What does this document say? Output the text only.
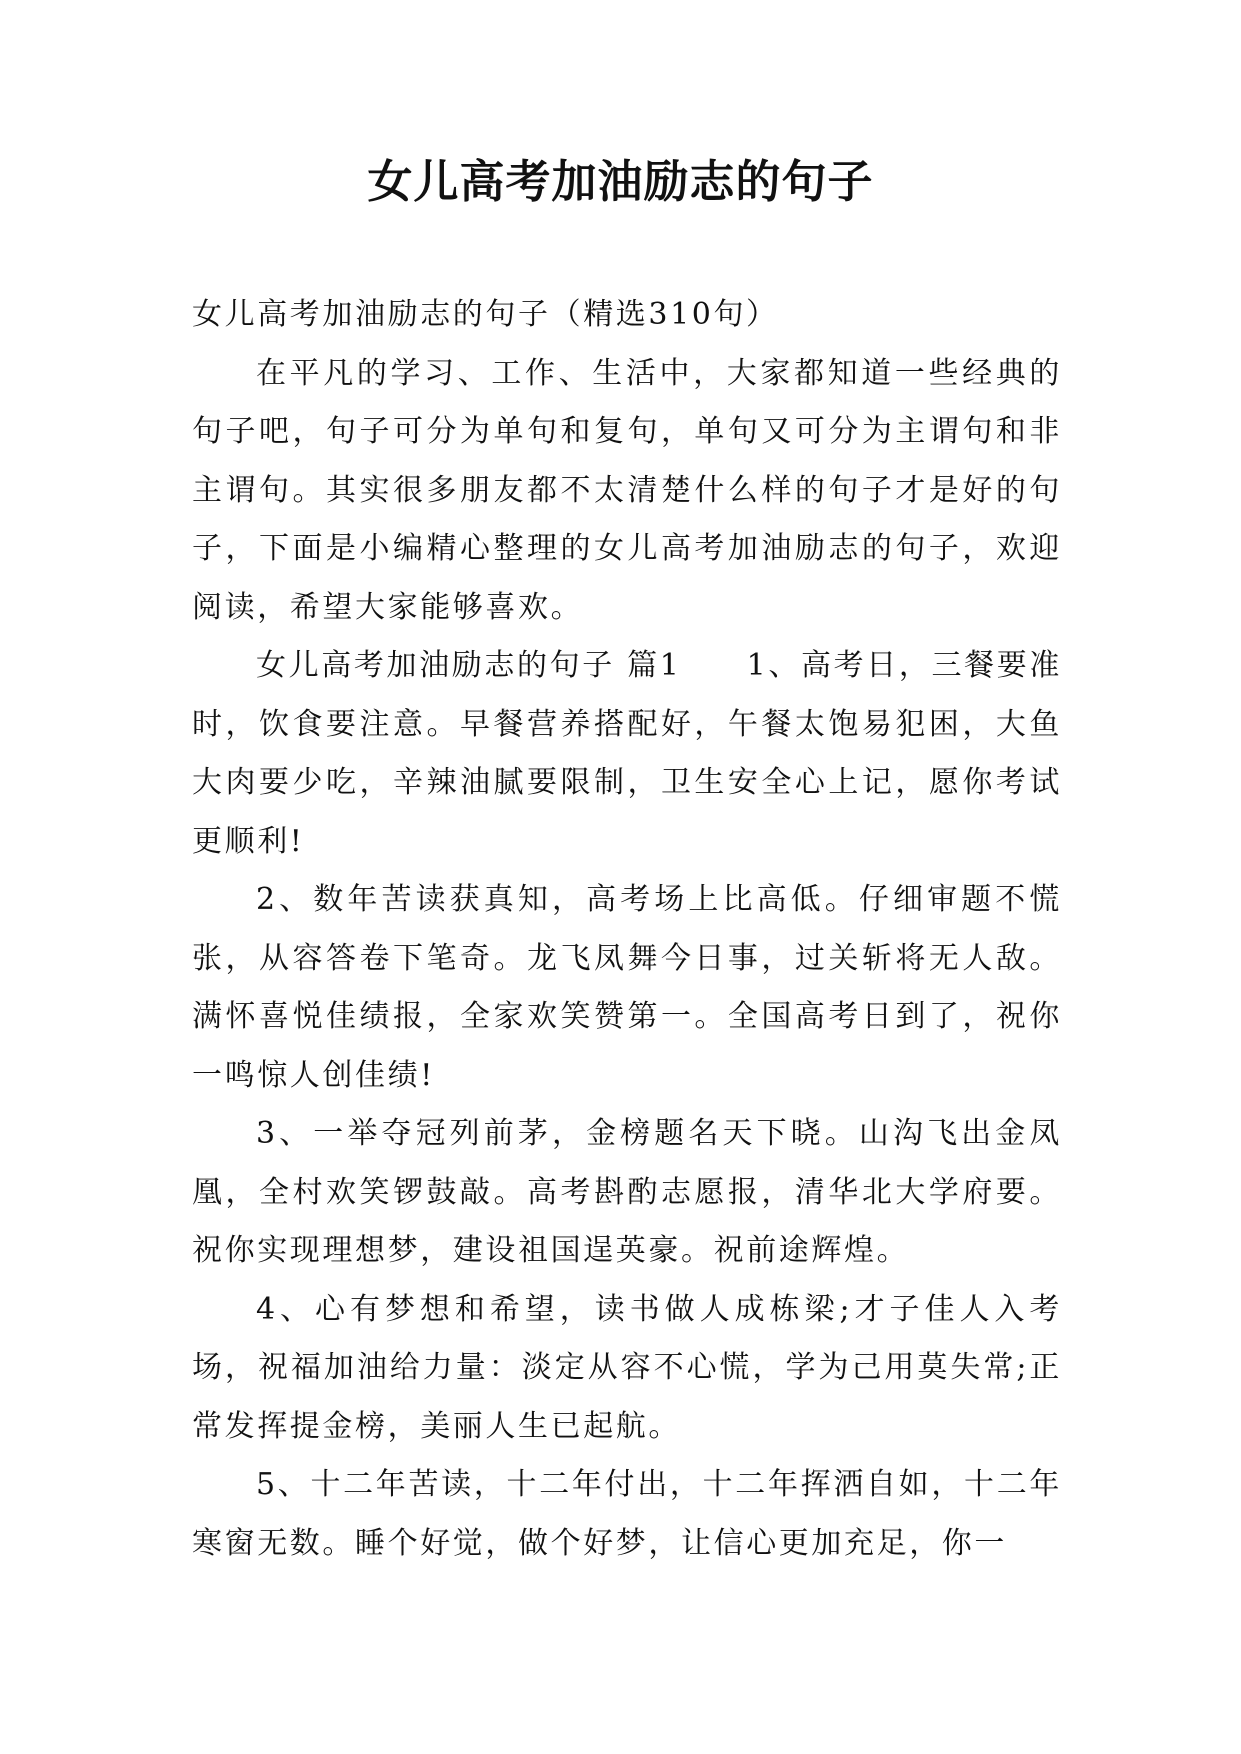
女儿高考加油励志的句子

女儿高考加油励志的句子（精选310句）

在平凡的学习、工作、生活中，大家都知道一些经典的句子吧，句子可分为单句和复句，单句又可分为主谓句和非主谓句。其实很多朋友都不太清楚什么样的句子才是好的句子，下面是小编精心整理的女儿高考加油励志的句子，欢迎阅读，希望大家能够喜欢。

女儿高考加油励志的句子 篇1　　1、高考日，三餐要准时，饮食要注意。早餐营养搭配好，午餐太饱易犯困，大鱼大肉要少吃，辛辣油腻要限制，卫生安全心上记，愿你考试更顺利!

2、数年苦读获真知，高考场上比高低。仔细审题不慌张，从容答卷下笔奇。龙飞凤舞今日事，过关斩将无人敌。满怀喜悦佳绩报，全家欢笑赞第一。全国高考日到了，祝你一鸣惊人创佳绩!

3、一举夺冠列前茅，金榜题名天下晓。山沟飞出金凤凰，全村欢笑锣鼓敲。高考斟酌志愿报，清华北大学府要。祝你实现理想梦，建设祖国逞英豪。祝前途辉煌。

4、心有梦想和希望，读书做人成栋梁;才子佳人入考场，祝福加油给力量：淡定从容不心慌，学为己用莫失常;正常发挥提金榜，美丽人生已起航。

5、十二年苦读，十二年付出，十二年挥洒自如，十二年寒窗无数。睡个好觉，做个好梦，让信心更加充足，你一
